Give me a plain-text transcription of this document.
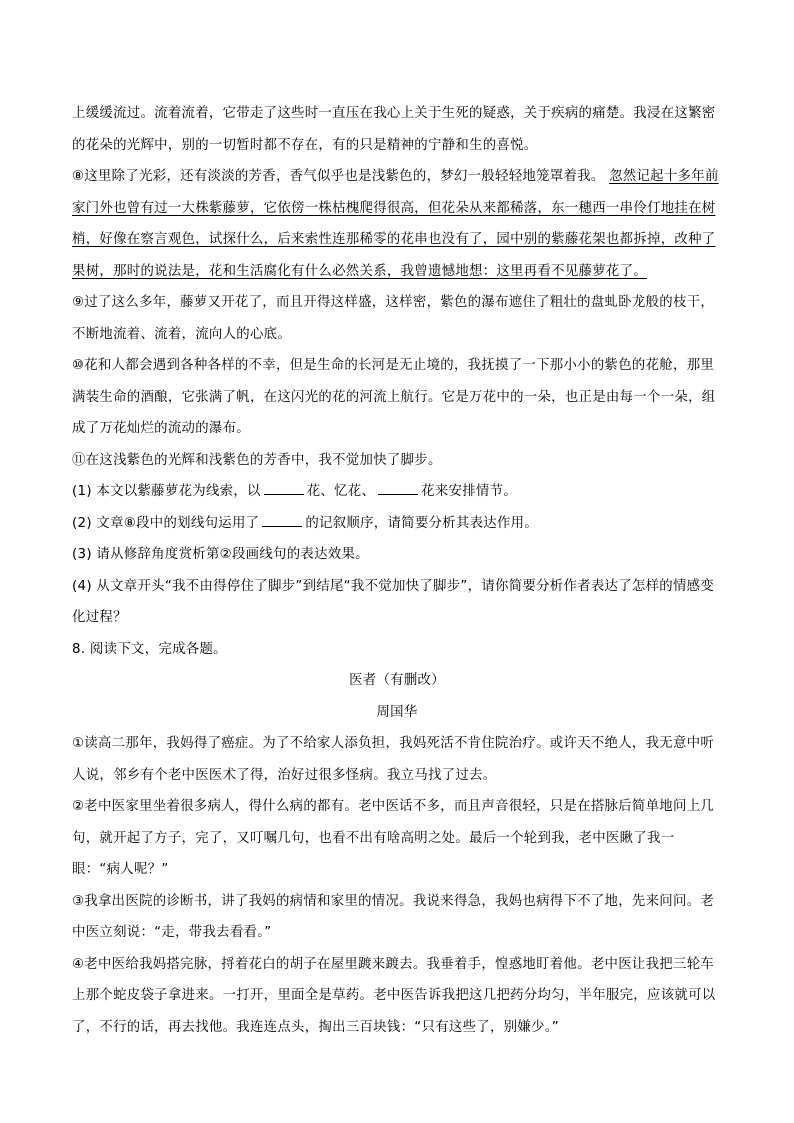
上缓缓流过。流着流着，它带走了这些时一直压在我心上关于生死的疑惑，关于疾病的痛楚。我浸在这繁密的花朵的光辉中，别的一切暂时都不存在，有的只是精神的宁静和生的喜悦。

⑧这里除了光彩，还有淡淡的芳香，香气似乎也是浅紫色的，梦幻一般轻轻地笼罩着我。 忽然记起十多年前家门外也曾有过一大株紫藤萝，它依傍一株枯槐爬得很高，但花朵从来都稀落，东一穗西一串伶仃地挂在树梢，好像在察言观色，试探什么，后来索性连那稀零的花串也没有了，园中别的紫藤花架也都拆掉，改种了果树，那时的说法是，花和生活腐化有什么必然关系，我曾遗憾地想：这里再看不见藤萝花了。

⑨过了这么多年，藤萝又开花了，而且开得这样盛，这样密，紫色的瀑布遮住了粗壮的盘虬卧龙般的枝干，不断地流着、流着，流向人的心底。

⑩花和人都会遇到各种各样的不幸，但是生命的长河是无止境的，我抚摸了一下那小小的紫色的花舱，那里满装生命的酒酿，它张满了帆，在这闪光的花的河流上航行。它是万花中的一朵，也正是由每一个一朵，组成了万花灿烂的流动的瀑布。

⑪在这浅紫色的光辉和浅紫色的芳香中，我不觉加快了脚步。

(1) 本文以紫藤萝花为线索，以	花、忆花、	花来安排情节。

(2) 文章⑧段中的划线句运用了	的记叙顺序，请简要分析其表达作用。

(3) 请从修辞角度赏析第②段画线句的表达效果。

(4) 从文章开头“我不由得停住了脚步”到结尾“我不觉加快了脚步”，请你简要分析作者表达了怎样的情感变化过程？

8. 阅读下文，完成各题。

医者（有删改）

周国华

①读高二那年，我妈得了癌症。为了不给家人添负担，我妈死活不肯住院治疗。或许天不绝人，我无意中听人说，邻乡有个老中医医术了得，治好过很多怪病。我立马找了过去。

②老中医家里坐着很多病人，得什么病的都有。老中医话不多，而且声音很轻，只是在搭脉后简单地问上几句，就开起了方子，完了，又叮嘱几句，也看不出有啥高明之处。最后一个轮到我，老中医瞅了我一眼：“病人呢？”

③我拿出医院的诊断书，讲了我妈的病情和家里的情况。我说来得急，我妈也病得下不了地，先来问问。老中医立刻说：“走，带我去看看。”

④老中医给我妈搭完脉，捋着花白的胡子在屋里踱来踱去。我垂着手，惶惑地盯着他。老中医让我把三轮车上那个蛇皮袋子拿进来。一打开，里面全是草药。老中医告诉我把这几把药分均匀，半年服完，应该就可以了，不行的话，再去找他。我连连点头，掏出三百块钱：“只有这些了，别嫌少。”
